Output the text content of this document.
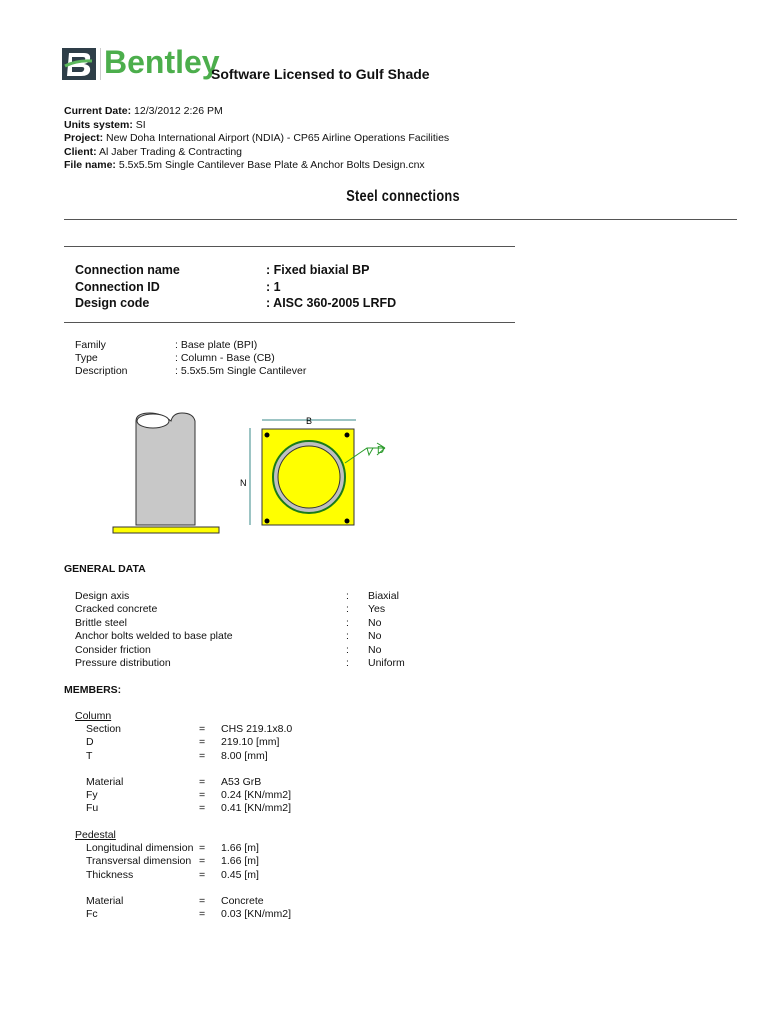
Bentley
Software Licensed to Gulf Shade
Steel connections
B
N
D
GENERAL DATA
MEMBERS:
Column
Pedestal
Current Date: 12/3/2012 2:26 PM
Units system: SI
Project: New Doha International Airport (NDIA) - CP65 Airline Operations Facilities
Client: Al Jaber Trading & Contracting
File name: 5.5x5.5m Single Cantilever Base Plate & Anchor Bolts Design.cnx
Connection name	: Fixed biaxial BP
Connection ID	: 1
Design code	: AISC 360-2005 LRFD
Family	: Base plate (BPI)
Type	: Column - Base (CB)
Description	: 5.5x5.5m Single Cantilever
Design axis	: Biaxial
Cracked concrete	: Yes
Brittle steel	: No
Anchor bolts welded to base plate	: No
Consider friction	: No
Pressure distribution	: Uniform
Section	= CHS 219.1x8.0
D	= 219.10 [mm]
T	= 8.00 [mm]
Material	= A53 GrB
Fy	= 0.24 [KN/mm2]
Fu	= 0.41 [KN/mm2]
Longitudinal dimension = 1.66 [m]
Transversal dimension = 1.66 [m]
Thickness	= 0.45 [m]
Material	= Concrete
Fc	= 0.03 [KN/mm2]
